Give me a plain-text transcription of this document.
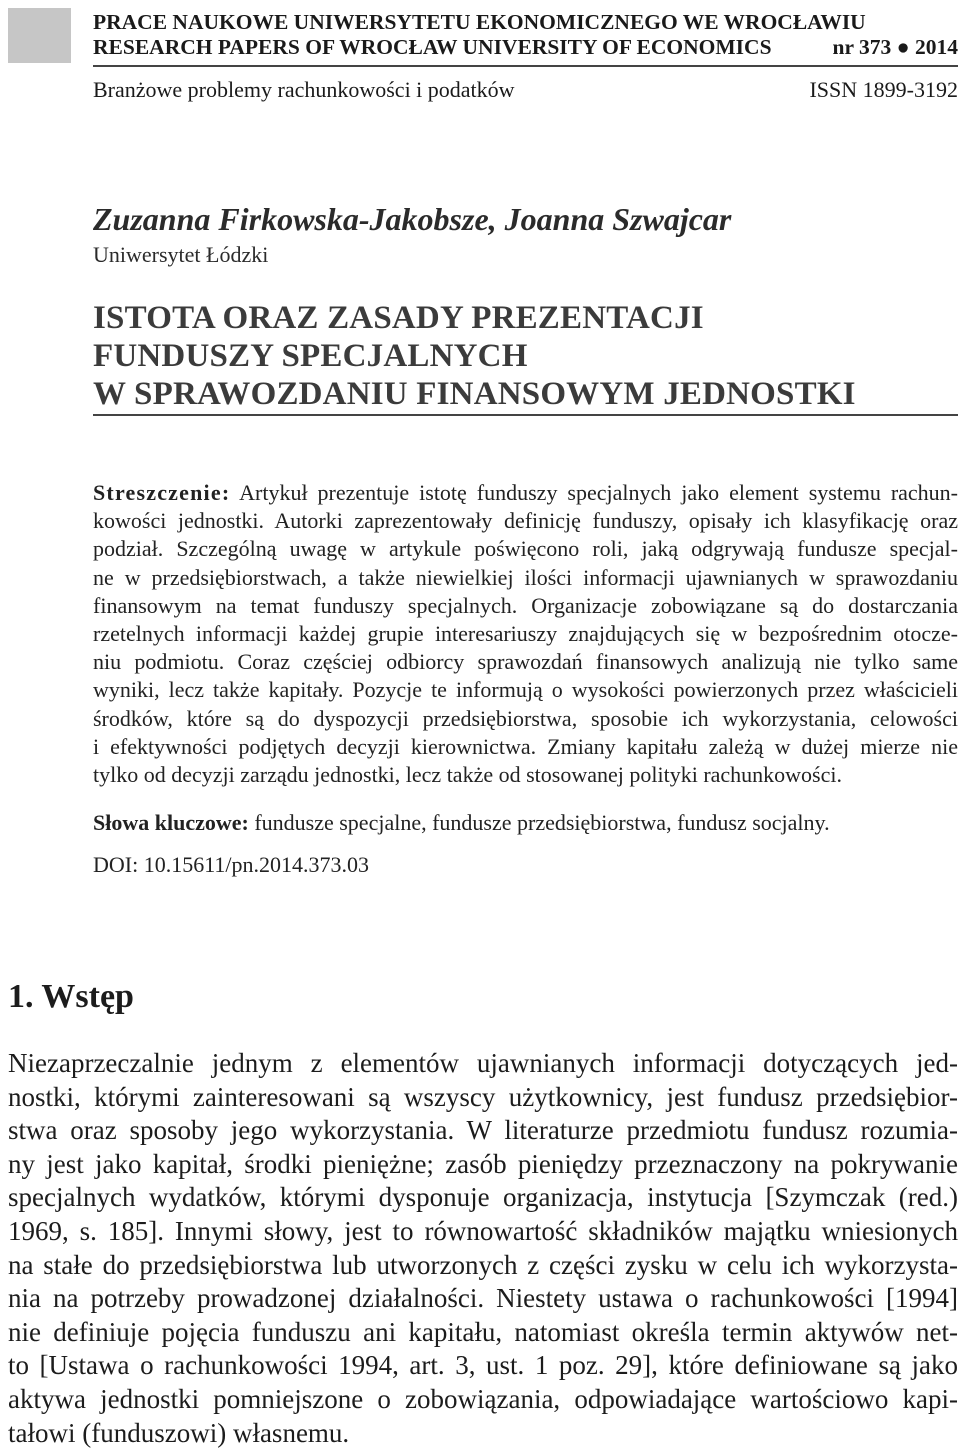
PRACE NAUKOWE UNIWERSYTETU EKONOMICZNEGO WE WROCŁAWIU
RESEARCH PAPERS OF WROCŁAW UNIVERSITY OF ECONOMICS	nr 373 ● 2014
Branżowe problemy rachunkowości i podatków	ISSN 1899-3192
Zuzanna Firkowska-Jakobsze, Joanna Szwajcar
Uniwersytet Łódzki
ISTOTA ORAZ ZASADY PREZENTACJI
FUNDUSZY SPECJALNYCH
W SPRAWOZDANIU FINANSOWYM JEDNOSTKI
Streszczenie: Artykuł prezentuje istotę funduszy specjalnych jako element systemu rachun-
kowości jednostki. Autorki zaprezentowały definicję funduszy, opisały ich klasyfikację oraz
podział. Szczególną uwagę w artykule poświęcono roli, jaką odgrywają fundusze specjal-
ne w przedsiębiorstwach, a także niewielkiej ilości informacji ujawnianych w sprawozdaniu
finansowym na temat funduszy specjalnych. Organizacje zobowiązane są do dostarczania
rzetelnych informacji każdej grupie interesariuszy znajdujących się w bezpośrednim otocze-
niu podmiotu. Coraz częściej odbiorcy sprawozdań finansowych analizują nie tylko same
wyniki, lecz także kapitały. Pozycje te informują o wysokości powierzonych przez właścicieli
środków, które są do dyspozycji przedsiębiorstwa, sposobie ich wykorzystania, celowości
i efektywności podjętych decyzji kierownictwa. Zmiany kapitału zależą w dużej mierze nie
tylko od decyzji zarządu jednostki, lecz także od stosowanej polityki rachunkowości.
Słowa kluczowe: fundusze specjalne, fundusze przedsiębiorstwa, fundusz socjalny.
DOI: 10.15611/pn.2014.373.03
1. Wstęp
Niezaprzeczalnie jednym z elementów ujawnianych informacji dotyczących jed-
nostki, którymi zainteresowani są wszyscy użytkownicy, jest fundusz przedsiębior-
stwa oraz sposoby jego wykorzystania. W literaturze przedmiotu fundusz rozumia-
ny jest jako kapitał, środki pieniężne; zasób pieniędzy przeznaczony na pokrywanie
specjalnych wydatków, którymi dysponuje organizacja, instytucja [Szymczak (red.)
1969, s. 185]. Innymi słowy, jest to równowartość składników majątku wniesionych
na stałe do przedsiębiorstwa lub utworzonych z części zysku w celu ich wykorzysta-
nia na potrzeby prowadzonej działalności. Niestety ustawa o rachunkowości [1994]
nie definiuje pojęcia funduszu ani kapitału, natomiast określa termin aktywów net-
to [Ustawa o rachunkowości 1994, art. 3, ust. 1 poz. 29], które definiowane są jako
aktywa jednostki pomniejszone o zobowiązania, odpowiadające wartościowo kapi-
tałowi (funduszowi) własnemu.
